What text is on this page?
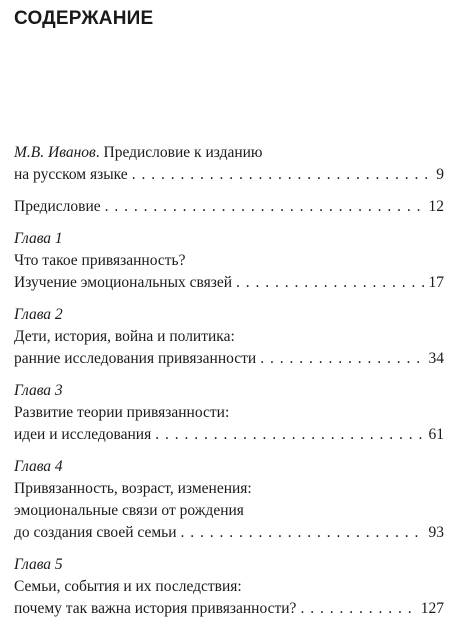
СОДЕРЖАНИЕ
М.В. Иванов. Предисловие к изданию
на русском языке . . .	9
Предисловие . . .	12
Глава 1
Что такое привязанность?
Изучение эмоциональных связей . . .	17
Глава 2
Дети, история, война и политика:
ранние исследования привязанности . . .	34
Глава 3
Развитие теории привязанности:
идеи и исследования . . .	61
Глава 4
Привязанность, возраст, изменения:
эмоциональные связи от рождения
до создания своей семьи . . .	93
Глава 5
Семьи, события и их последствия:
почему так важна история привязанности? . . .	127
